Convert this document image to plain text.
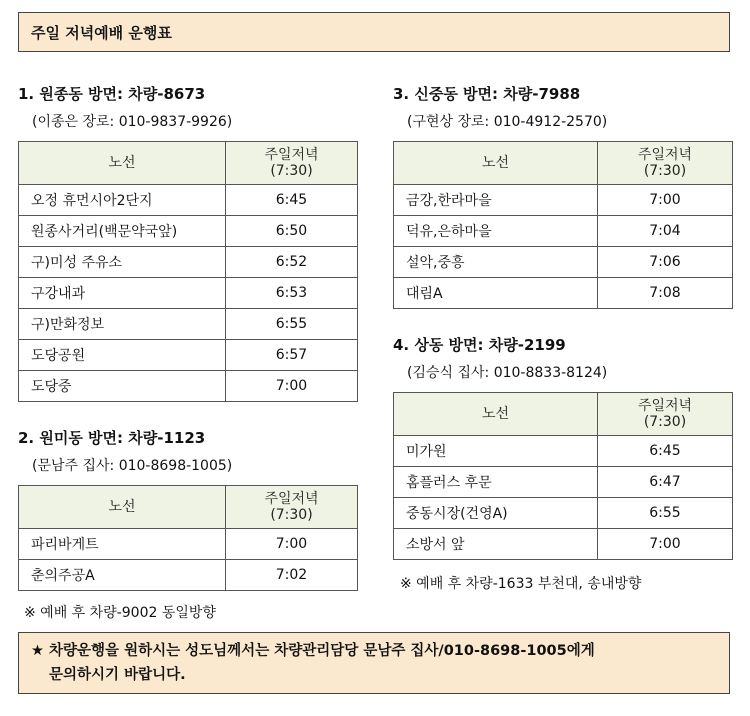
주일 저녁예배 운행표
1. 원종동 방면: 차량-8673
(이종은 장로: 010-9837-9926)
노선	주일저녁
(7:30)
오정 휴먼시아2단지	6:45
원종사거리(백문약국앞)	6:50
구)미성 주유소	6:52
구강내과	6:53
구)만화정보	6:55
도당공원	6:57
도당중	7:00
2. 원미동 방면: 차량-1123
(문남주 집사: 010-8698-1005)
노선	주일저녁
(7:30)
파리바게트	7:00
춘의주공A	7:02
※ 예배 후 차량-9002 동일방향
3. 신중동 방면: 차량-7988
(구현상 장로: 010-4912-2570)
노선	주일저녁
(7:30)
금강,한라마을	7:00
덕유,은하마을	7:04
설악,중흥	7:06
대림A	7:08
4. 상동 방면: 차량-2199
(김승식 집사: 010-8833-8124)
노선	주일저녁
(7:30)
미가원	6:45
홈플러스 후문	6:47
중동시장(건영A)	6:55
소방서 앞	7:00
※ 예배 후 차량-1633 부천대, 송내방향
★ 차량운행을 원하시는 성도님께서는 차량관리담당 문남주 집사/010-8698-1005에게
문의하시기 바랍니다.
